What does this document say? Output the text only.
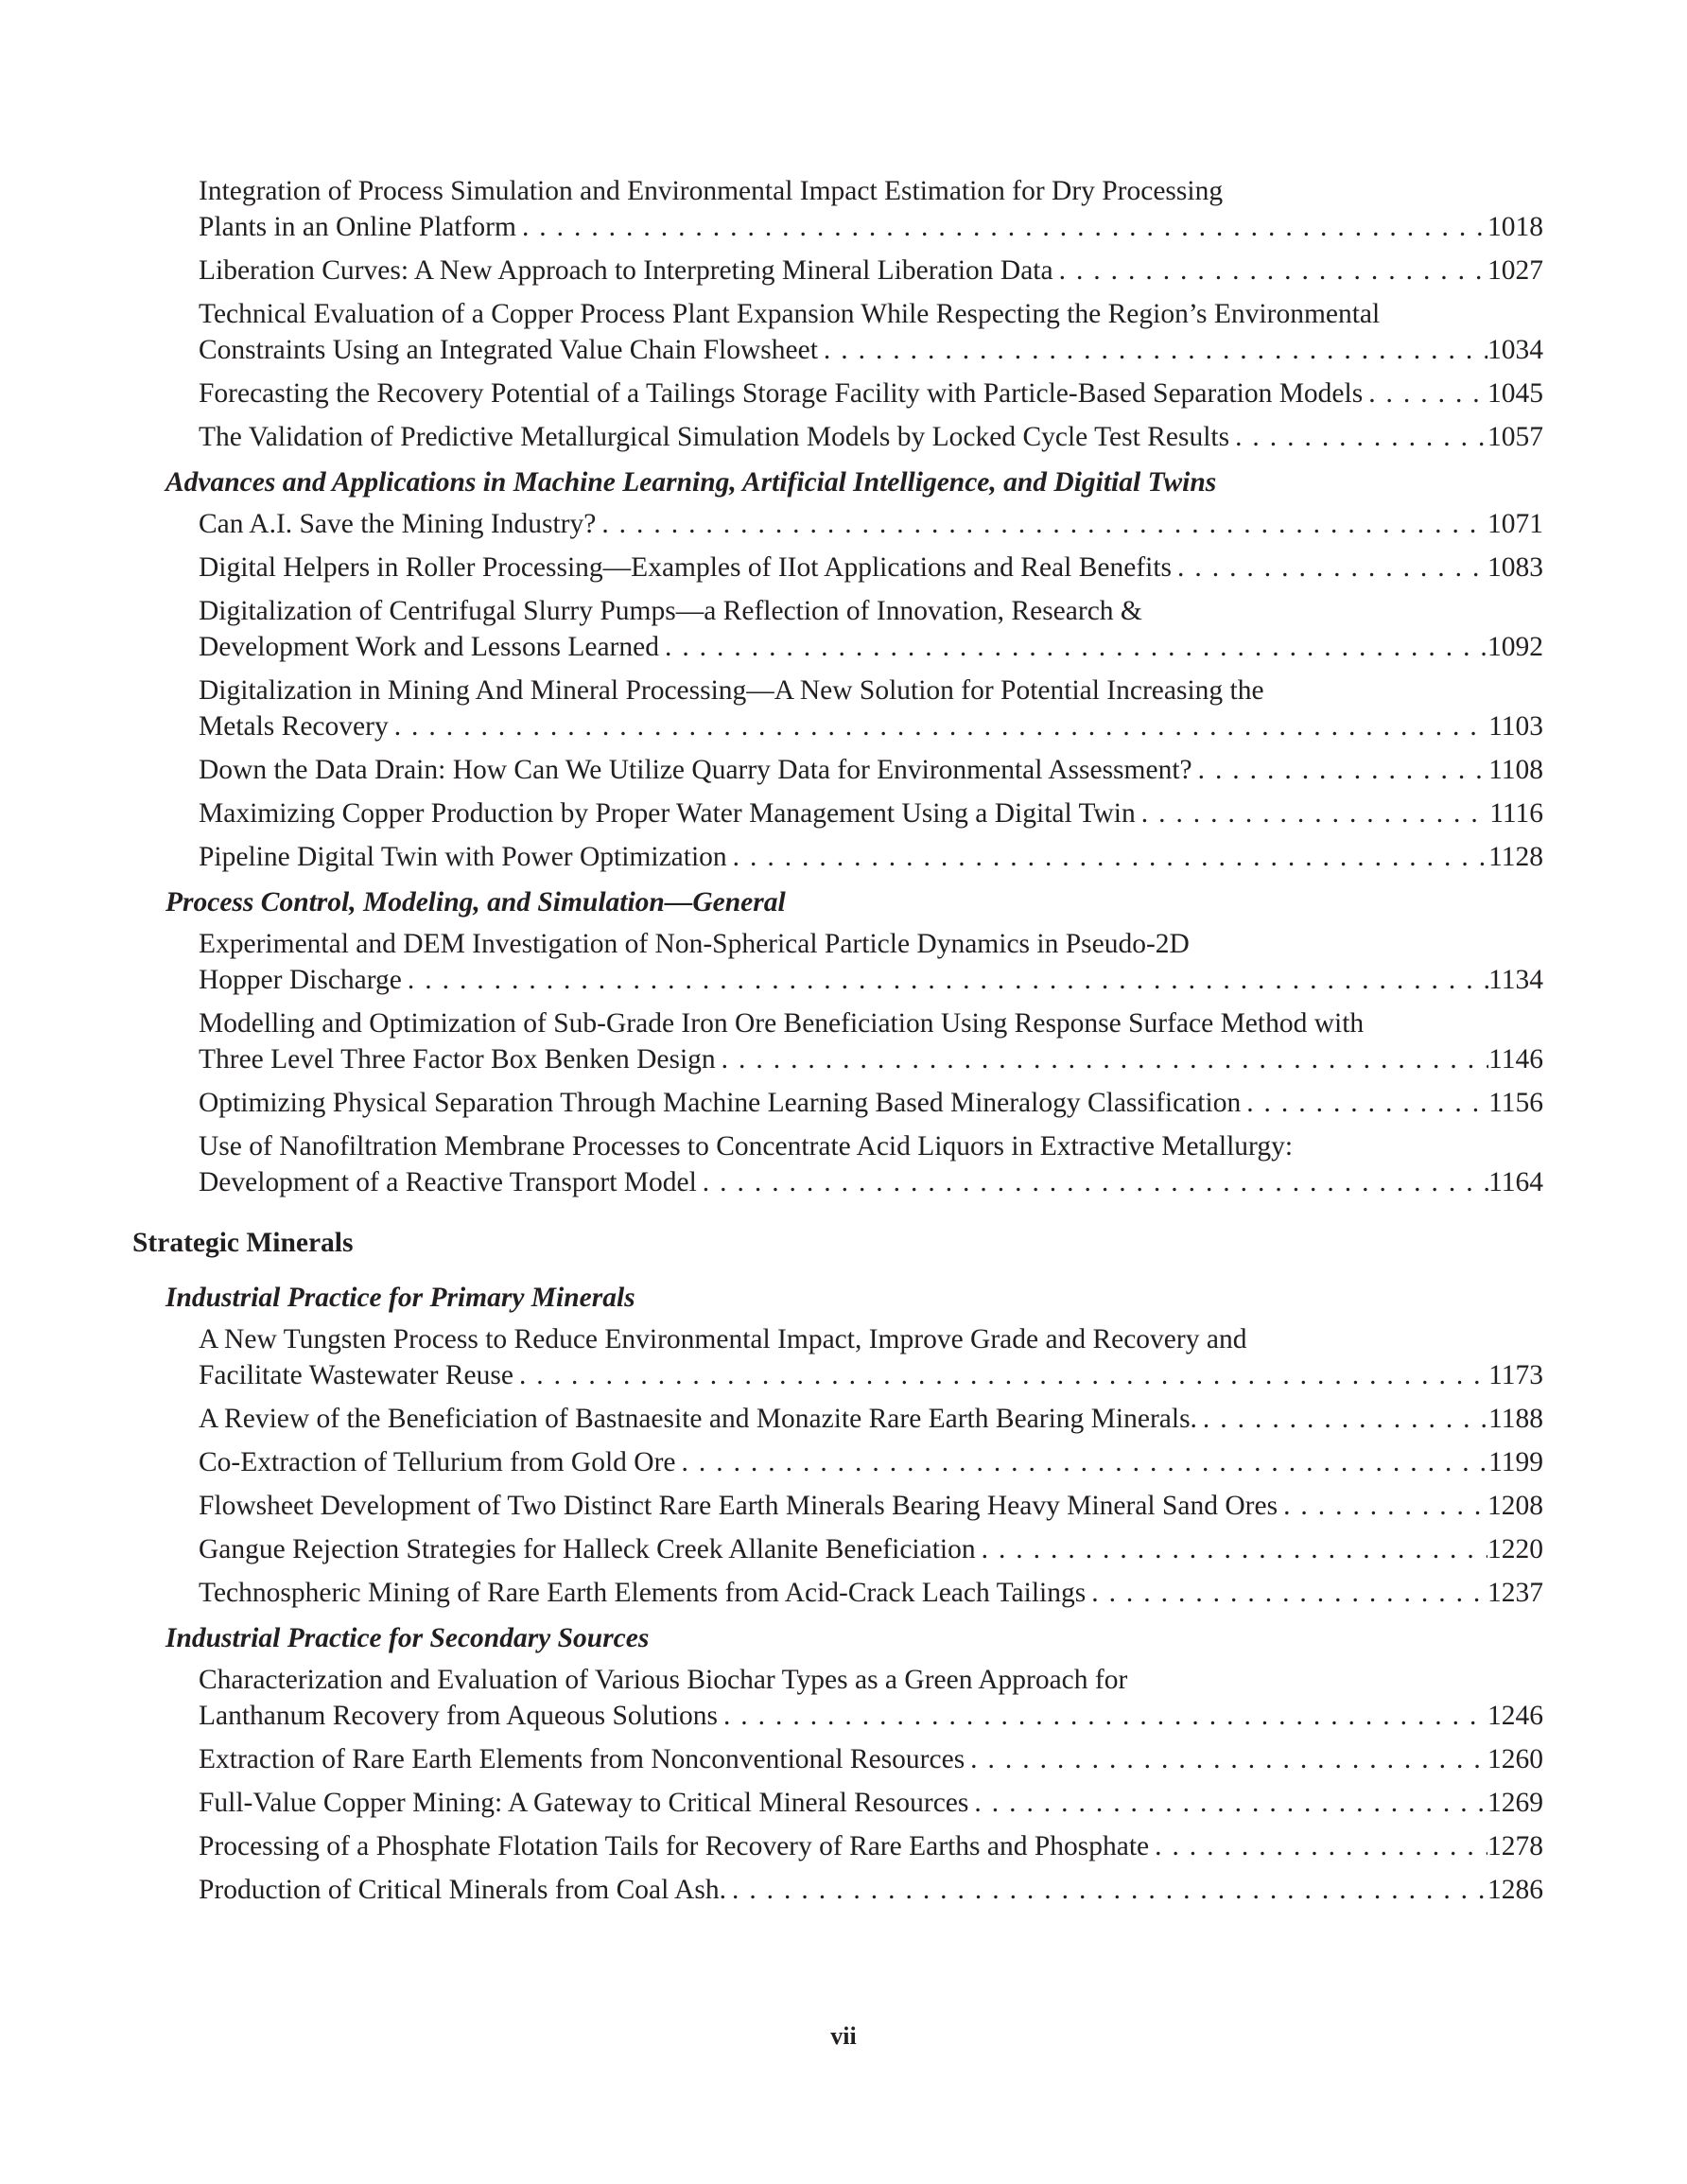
Integration of Process Simulation and Environmental Impact Estimation for Dry Processing
Plants in an Online Platform . . .	1018
Liberation Curves: A New Approach to Interpreting Mineral Liberation Data . . .	1027
Technical Evaluation of a Copper Process Plant Expansion While Respecting the Region’s Environmental
Constraints Using an Integrated Value Chain Flowsheet . . .	1034
Forecasting the Recovery Potential of a Tailings Storage Facility with Particle-Based Separation Models . . .	1045
The Validation of Predictive Metallurgical Simulation Models by Locked Cycle Test Results . . .	1057
Advances and Applications in Machine Learning, Artificial Intelligence, and Digitial Twins
Can A.I. Save the Mining Industry? . . .	1071
Digital Helpers in Roller Processing—Examples of IIot Applications and Real Benefits . . .	1083
Digitalization of Centrifugal Slurry Pumps—a Reflection of Innovation, Research &
Development Work and Lessons Learned . . .	1092
Digitalization in Mining And Mineral Processing—A New Solution for Potential Increasing the
Metals Recovery . . .	1103
Down the Data Drain: How Can We Utilize Quarry Data for Environmental Assessment? . . .	1108
Maximizing Copper Production by Proper Water Management Using a Digital Twin . . .	1116
Pipeline Digital Twin with Power Optimization . . .	1128
Process Control, Modeling, and Simulation—General
Experimental and DEM Investigation of Non-Spherical Particle Dynamics in Pseudo-2D
Hopper Discharge . . .	1134
Modelling and Optimization of Sub-Grade Iron Ore Beneficiation Using Response Surface Method with
Three Level Three Factor Box Benken Design . . .	1146
Optimizing Physical Separation Through Machine Learning Based Mineralogy Classification . . .	1156
Use of Nanofiltration Membrane Processes to Concentrate Acid Liquors in Extractive Metallurgy:
Development of a Reactive Transport Model . . .	1164
Strategic Minerals
Industrial Practice for Primary Minerals
A New Tungsten Process to Reduce Environmental Impact, Improve Grade and Recovery and
Facilitate Wastewater Reuse . . .	1173
A Review of the Beneficiation of Bastnaesite and Monazite Rare Earth Bearing Minerals. . . .	1188
Co-Extraction of Tellurium from Gold Ore . . .	1199
Flowsheet Development of Two Distinct Rare Earth Minerals Bearing Heavy Mineral Sand Ores . . .	1208
Gangue Rejection Strategies for Halleck Creek Allanite Beneficiation . . .	1220
Technospheric Mining of Rare Earth Elements from Acid-Crack Leach Tailings . . .	1237
Industrial Practice for Secondary Sources
Characterization and Evaluation of Various Biochar Types as a Green Approach for
Lanthanum Recovery from Aqueous Solutions . . .	1246
Extraction of Rare Earth Elements from Nonconventional Resources . . .	1260
Full-Value Copper Mining: A Gateway to Critical Mineral Resources . . .	1269
Processing of a Phosphate Flotation Tails for Recovery of Rare Earths and Phosphate . . .	1278
Production of Critical Minerals from Coal Ash. . . .	1286
vii
